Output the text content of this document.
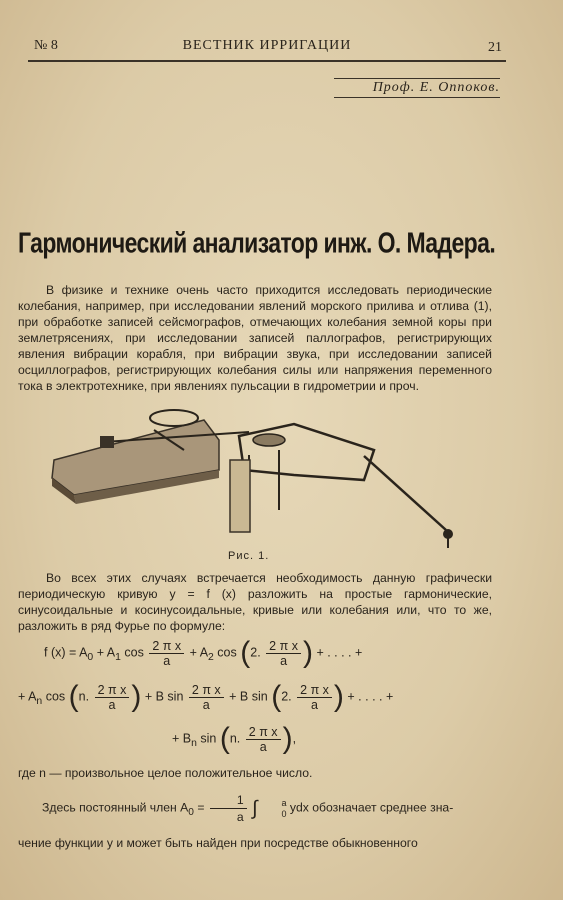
№ 8	ВЕСТНИК ИРРИГАЦИИ	21
Проф. Е. Оппоков.
Гармонический анализатор инж. О. Мадера.

В физике и технике очень часто приходится исследовать периодические колебания, например, при исследовании явлений морского прилива и отлива (1), при обработке записей сейсмографов, отмечающих колебания земной коры при землетрясениях, при исследовании записей паллографов, регистрирующих явления вибрации корабля, при вибрации звука, при исследовании записей осциллографов, регистрирующих колебания силы или напряжения переменного тока в электротехнике, при явлениях пульсации в гидрометрии и проч.

Рис. 1.

Во всех этих случаях встречается необходимость данную графически периодическую кривую y = f (x) разложить на простые гармонические, синусоидальные и косинусоидальные, кривые или колебания или, что то же, разложить в ряд Фурье по формуле:

f $(x) = A_0 + A_1$ $\cos \frac{\text{2 π x}}{a} + A_2$ cos (2. $\frac{\text{2 π x}}{a}$ ) + . . . . +
+ $A_n$ cos (n. $\frac{\text{2 π x}}{a}$ ) + B $\sin \frac{\text{2 π x}}{a} + B$ sin (2. $\frac{\text{2 π x}}{a}$ ) + . . . . +
+ $B_n$ sin (n. $\frac{\text{2 π x}}{a}$ ),
где n — произвольное целое положительное число.
Здесь постоянный член $A_0 = \frac{1}{a}$ ∫	a
0 ydx обозначает среднее зна-
чение функции y и может быть найден при посредстве обыкновенного
